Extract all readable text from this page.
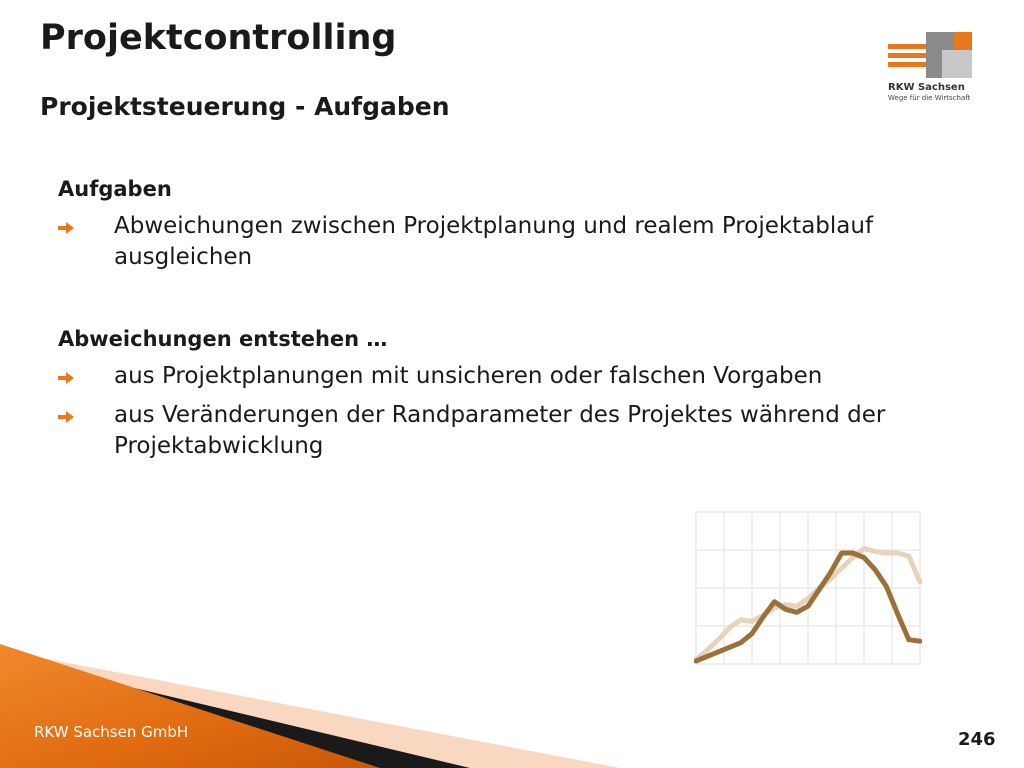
Projektcontrolling
Projektsteuerung - Aufgaben
RKW Sachsen
Wege für die Wirtschaft
Aufgaben
Abweichungen zwischen Projektplanung und realem Projektablauf ausgleichen
Abweichungen entstehen …
aus Projektplanungen mit unsicheren oder falschen Vorgaben
aus Veränderungen der Randparameter des Projektes während der Projektabwicklung
RKW Sachsen GmbH	246
